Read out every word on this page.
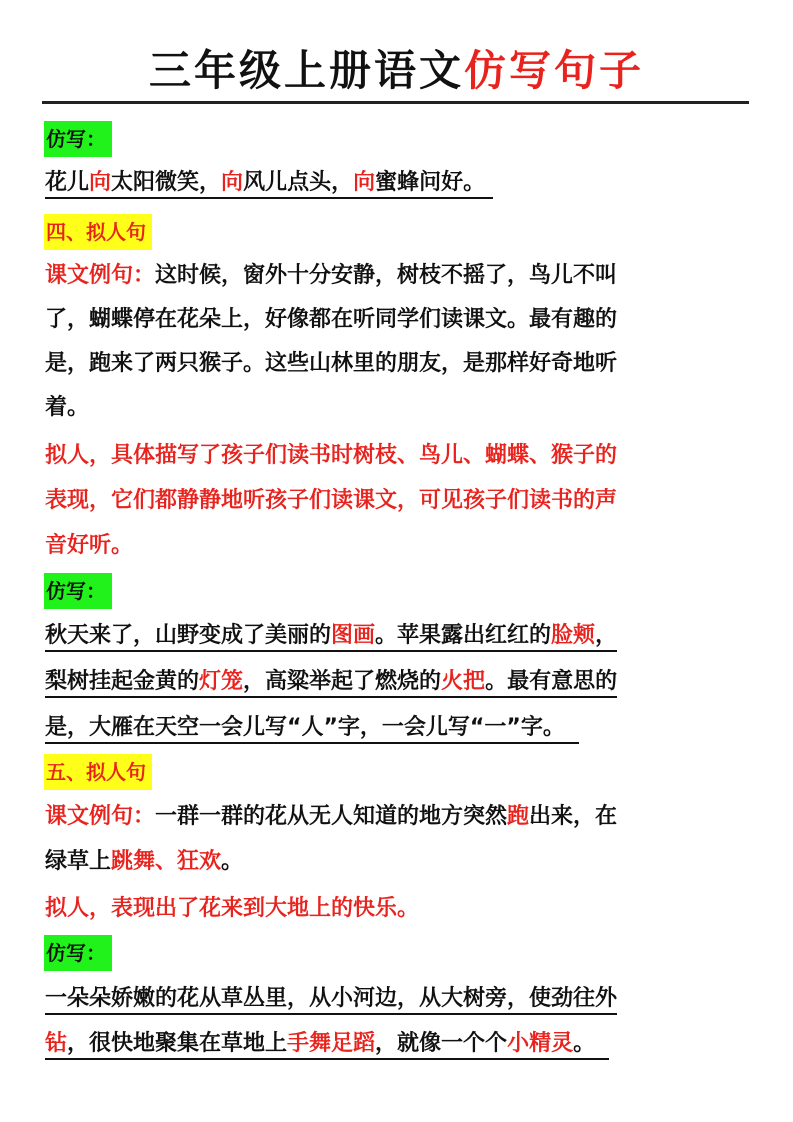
三年级上册语文仿写句子
仿写：
花儿向太阳微笑，向风儿点头，向蜜蜂问好。
四、拟人句
课文例句：这时候，窗外十分安静，树枝不摇了，鸟儿不叫
了，蝴蝶停在花朵上，好像都在听同学们读课文。最有趣的
是，跑来了两只猴子。这些山林里的朋友，是那样好奇地听
着。
拟人，具体描写了孩子们读书时树枝、鸟儿、蝴蝶、猴子的
表现，它们都静静地听孩子们读课文，可见孩子们读书的声
音好听。
仿写：
秋天来了，山野变成了美丽的图画。苹果露出红红的脸颊，
梨树挂起金黄的灯笼，高粱举起了燃烧的火把。最有意思的
是，大雁在天空一会儿写“人”字，一会儿写“一”字。
五、拟人句
课文例句：一群一群的花从无人知道的地方突然跑出来，在
绿草上跳舞、狂欢。
拟人，表现出了花来到大地上的快乐。
仿写：
一朵朵娇嫩的花从草丛里，从小河边，从大树旁，使劲往外
钻，很快地聚集在草地上手舞足蹈，就像一个个小精灵。
